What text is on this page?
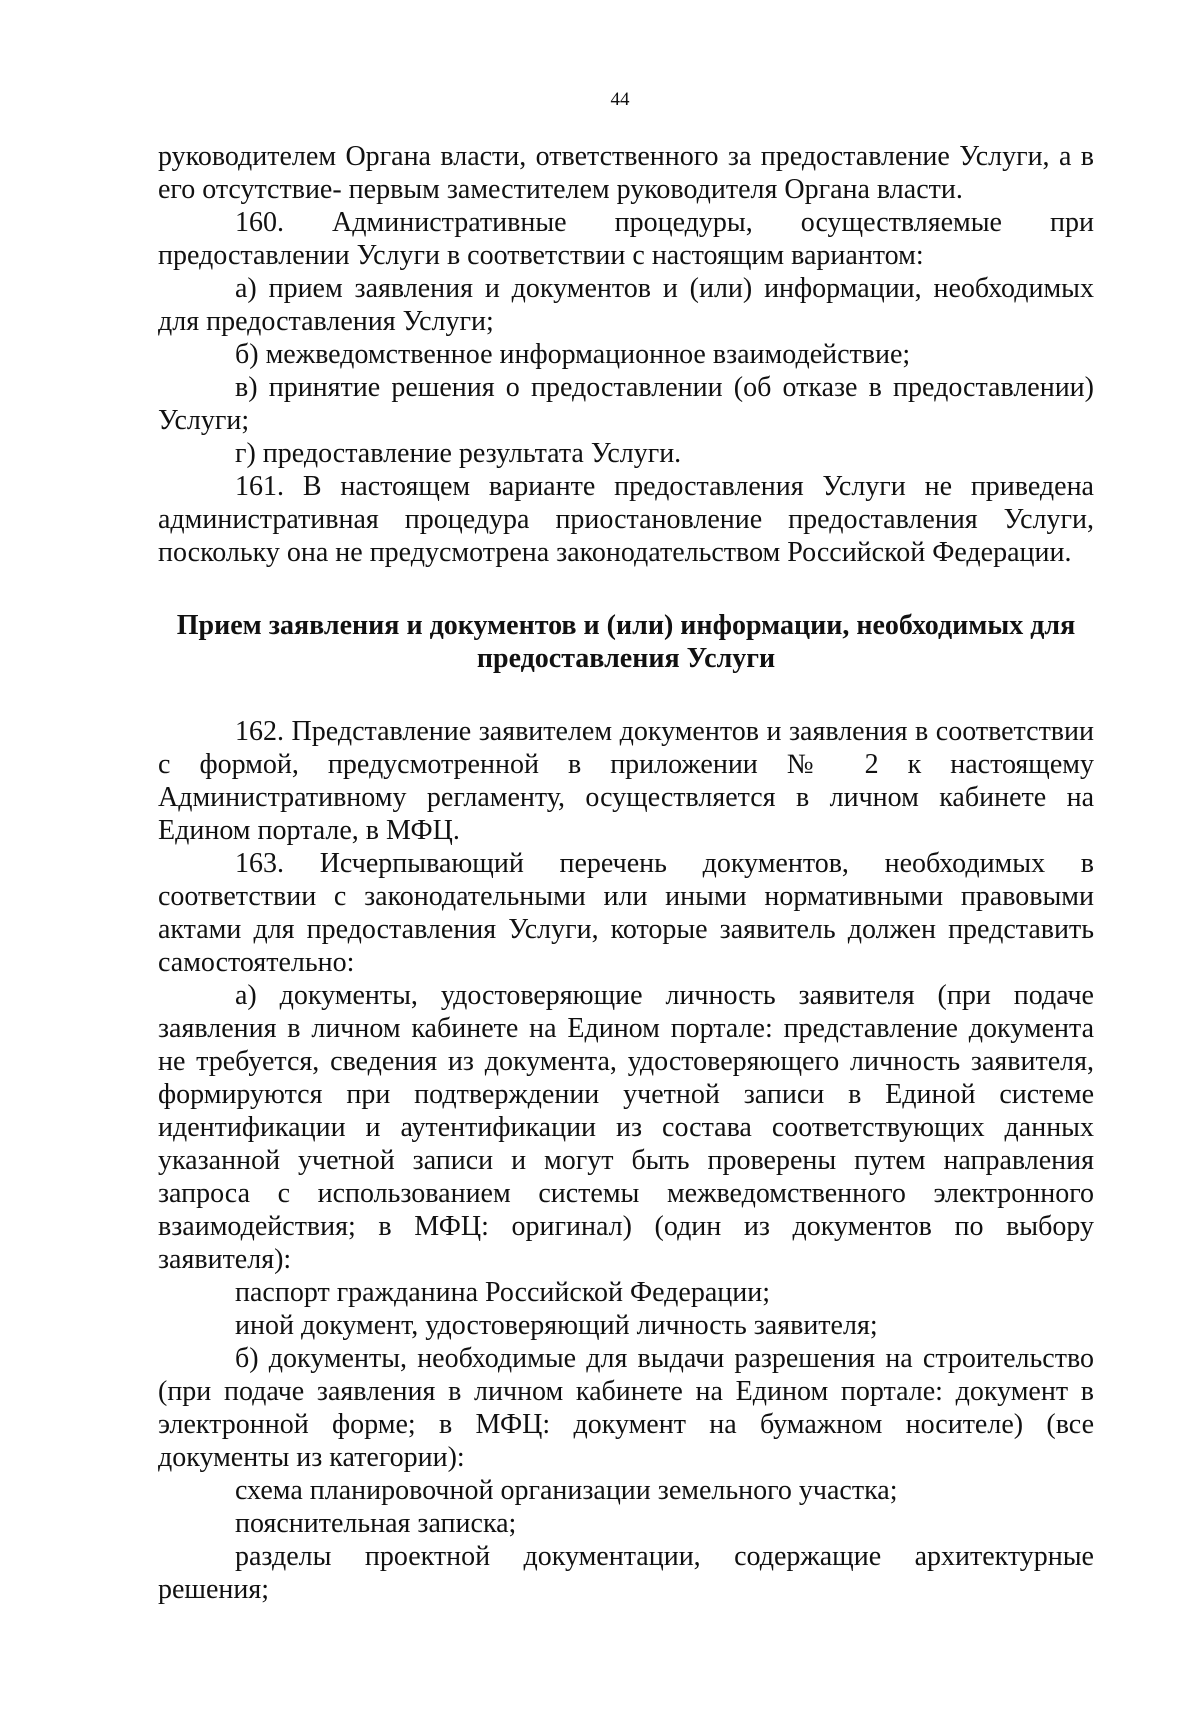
44

руководителем Органа власти, ответственного за предоставление Услуги, а в его отсутствие- первым заместителем руководителя Органа власти.

160. Административные процедуры, осуществляемые при предоставлении Услуги в соответствии с настоящим вариантом:

а) прием заявления и документов и (или) информации, необходимых для предоставления Услуги;

б) межведомственное информационное взаимодействие;

в) принятие решения о предоставлении (об отказе в предоставлении) Услуги;

г) предоставление результата Услуги.

161. В настоящем варианте предоставления Услуги не приведена административная процедура приостановление предоставления Услуги, поскольку она не предусмотрена законодательством Российской Федерации.

Прием заявления и документов и (или) информации, необходимых для
предоставления Услуги

162. Представление заявителем документов и заявления в соответствии с формой, предусмотренной в приложении № 2 к настоящему Административному регламенту, осуществляется в личном кабинете на Едином портале, в МФЦ.

163. Исчерпывающий перечень документов, необходимых в соответствии с законодательными или иными нормативными правовыми актами для предоставления Услуги, которые заявитель должен представить самостоятельно:

а) документы, удостоверяющие личность заявителя (при подаче заявления в личном кабинете на Едином портале: представление документа не требуется, сведения из документа, удостоверяющего личность заявителя, формируются при подтверждении учетной записи в Единой системе идентификации и аутентификации из состава соответствующих данных указанной учетной записи и могут быть проверены путем направления запроса с использованием системы межведомственного электронного взаимодействия; в МФЦ: оригинал) (один из документов по выбору заявителя):

паспорт гражданина Российской Федерации;

иной документ, удостоверяющий личность заявителя;

б) документы, необходимые для выдачи разрешения на строительство (при подаче заявления в личном кабинете на Едином портале: документ в электронной форме; в МФЦ: документ на бумажном носителе) (все документы из категории):

схема планировочной организации земельного участка;

пояснительная записка;

разделы проектной документации, содержащие архитектурные решения;
